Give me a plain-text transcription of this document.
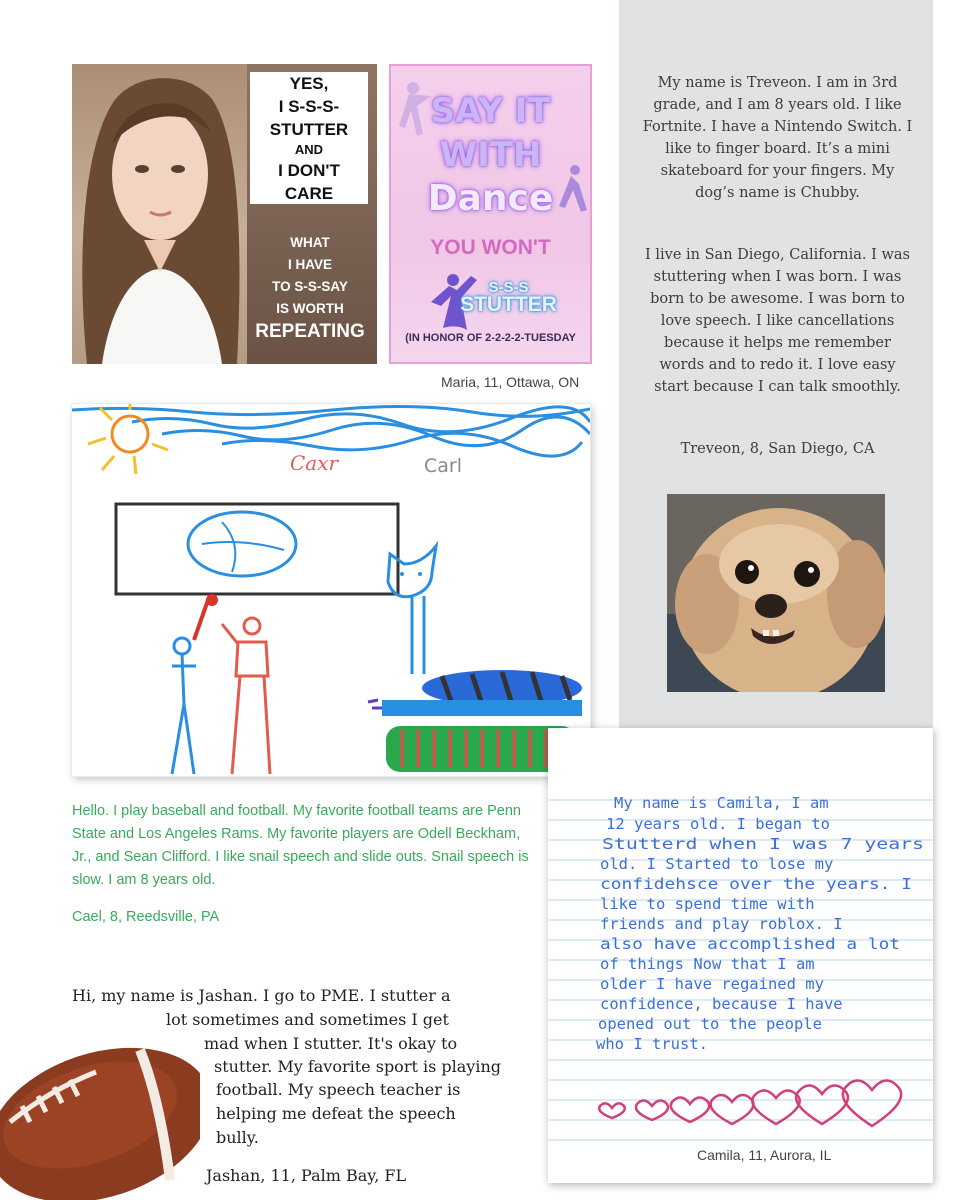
YES,
I S-S-S-
STUTTER
AND
I DON'T
CARE
WHAT
I HAVE
TO S-S-SAY
IS WORTH
REPEATING
SAY IT
WITH
Dance
YOU WON'T
S-S-S
STUTTER
(IN HONOR OF 2-2-2-2-TUESDAY
Maria, 11, Ottawa, ON
Caxr	Carl
Hello. I play baseball and football. My favorite football teams are Penn State and Los Angeles Rams. My favorite players are Odell Beckham, Jr., and Sean Clifford. I like snail speech and slide outs. Snail speech is slow. I am 8 years old.
Cael, 8, Reedsville, PA
My name is Treveon. I am in 3rd grade, and I am 8 years old. I like Fortnite. I have a Nintendo Switch. I like to finger board. It’s a mini skateboard for your fingers. My dog’s name is Chubby.
I live in San Diego, California. I was stuttering when I was born. I was born to be awesome. I was born to love speech. I like cancellations because it helps me remember words and to redo it. I love easy start because I can talk smoothly.
Treveon, 8, San Diego, CA
My name is Camila, I am
12 years old. I began to
Stutterd when I was 7 years
old. I Started to lose my
confidehsce over the years. I
like to spend time with
friends and play roblox. I
also have accomplished a lot
of things Now that I am
older I have regained my
confidence, because I have
opened out to the people
who I trust.
Camila, 11, Aurora, IL
Hi, my name is Jashan. I go to PME. I stutter a
lot sometimes and sometimes I get
mad when I stutter. It's okay to
stutter. My favorite sport is playing
football. My speech teacher is
helping me defeat the speech
bully.
Jashan, 11, Palm Bay, FL
